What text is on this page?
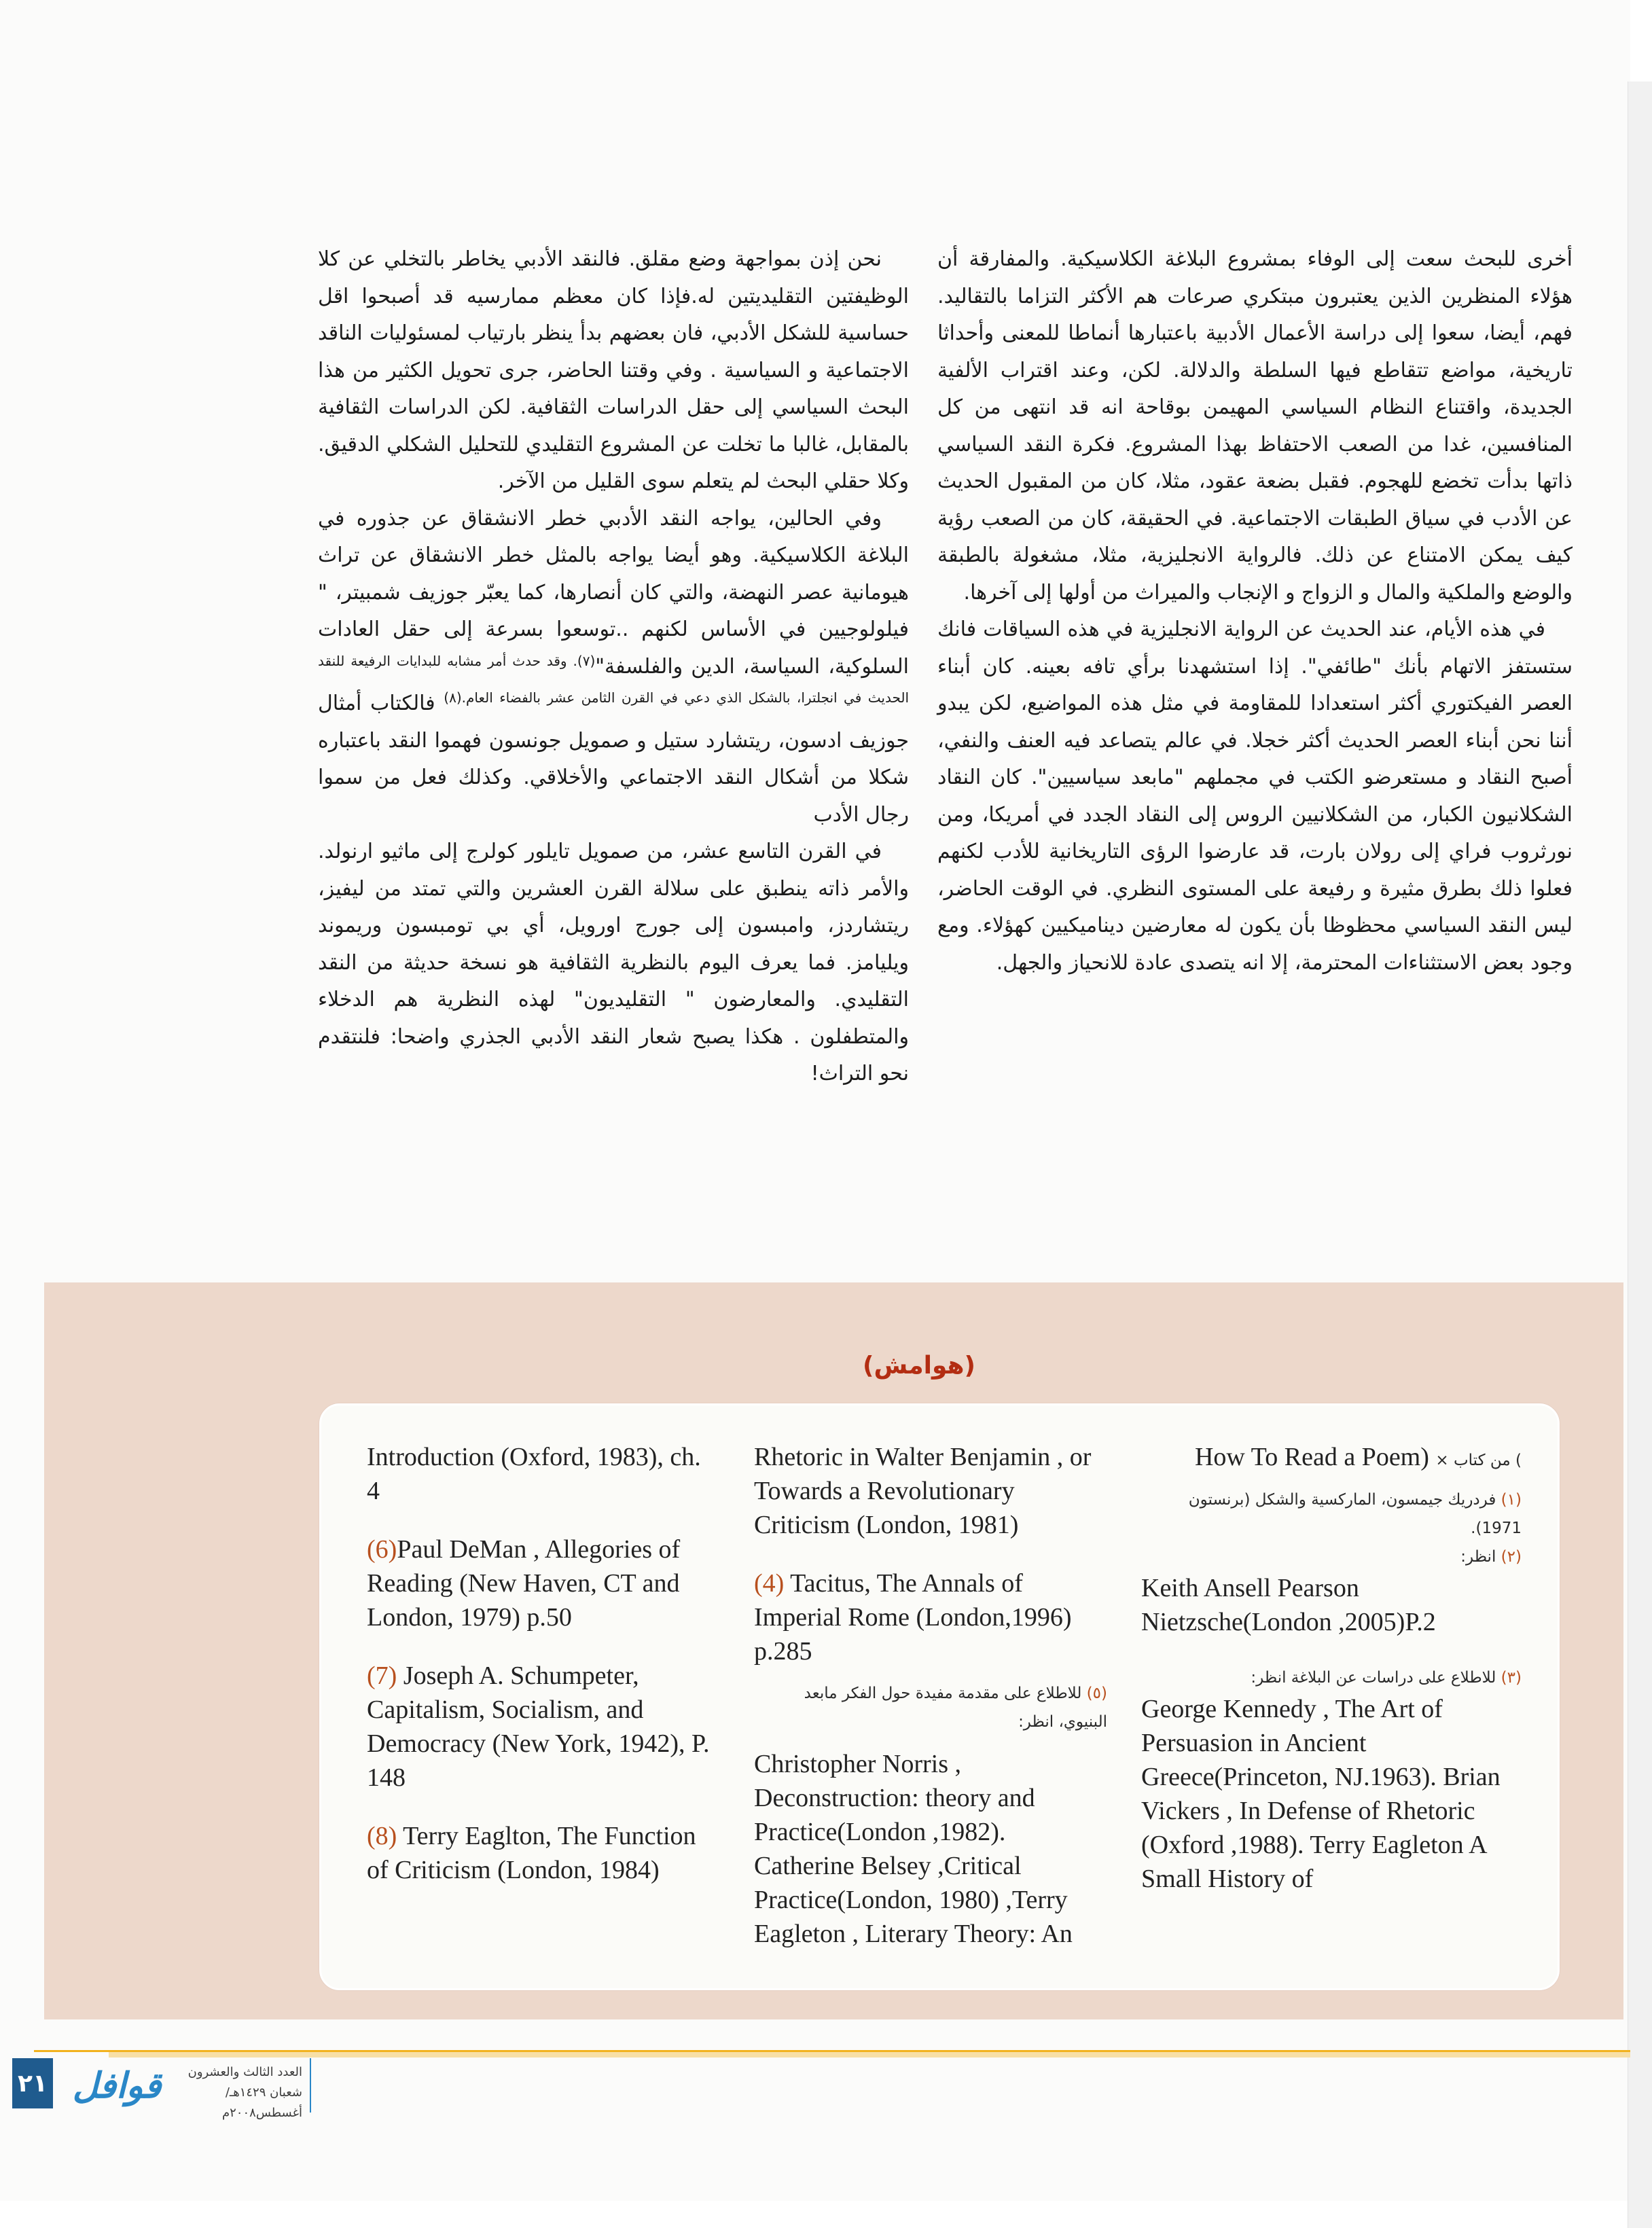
أخرى للبحث سعت إلى الوفاء بمشروع البلاغة الكلاسيكية. والمفارقة أن هؤلاء المنظرين الذين يعتبرون مبتكري صرعات هم الأكثر التزاما بالتقاليد. فهم، أيضا، سعوا إلى دراسة الأعمال الأدبية باعتبارها أنماطا للمعنى وأحداثا تاريخية، مواضع تتقاطع فيها السلطة والدلالة. لكن، وعند اقتراب الألفية الجديدة، واقتناع النظام السياسي المهيمن بوقاحة انه قد انتهى من كل المنافسين، غدا من الصعب الاحتفاظ بهذا المشروع. فكرة النقد السياسي ذاتها بدأت تخضع للهجوم. فقبل بضعة عقود، مثلا، كان من المقبول الحديث عن الأدب في سياق الطبقات الاجتماعية. في الحقيقة، كان من الصعب رؤية كيف يمكن الامتناع عن ذلك. فالرواية الانجليزية، مثلا، مشغولة بالطبقة والوضع والملكية والمال و الزواج و الإنجاب والميراث من أولها إلى آخرها.

في هذه الأيام، عند الحديث عن الرواية الانجليزية في هذه السياقات فانك ستستفز الاتهام بأنك "طائفي". إذا استشهدنا برأي تافه بعينه. كان أبناء العصر الفيكتوري أكثر استعدادا للمقاومة في مثل هذه المواضيع، لكن يبدو أننا نحن أبناء العصر الحديث أكثر خجلا. في عالم يتصاعد فيه العنف والنفي، أصبح النقاد و مستعرضو الكتب في مجملهم "مابعد سياسيين". كان النقاد الشكلانيون الكبار، من الشكلانيين الروس إلى النقاد الجدد في أمريكا، ومن نورثروب فراي إلى رولان بارت، قد عارضوا الرؤى التاريخانية للأدب لكنهم فعلوا ذلك بطرق مثيرة و رفيعة على المستوى النظري. في الوقت الحاضر، ليس النقد السياسي محظوظا بأن يكون له معارضين ديناميكيين كهؤلاء. ومع وجود بعض الاستثناءات المحترمة، إلا انه يتصدى عادة للانحياز والجهل.

نحن إذن بمواجهة وضع مقلق. فالنقد الأدبي يخاطر بالتخلي عن كلا الوظيفتين التقليديتين له.فإذا كان معظم ممارسيه قد أصبحوا اقل حساسية للشكل الأدبي، فان بعضهم بدأ ينظر بارتياب لمسئوليات الناقد الاجتماعية و السياسية . وفي وقتنا الحاضر، جرى تحويل الكثير من هذا البحث السياسي إلى حقل الدراسات الثقافية. لكن الدراسات الثقافية بالمقابل، غالبا ما تخلت عن المشروع التقليدي للتحليل الشكلي الدقيق. وكلا حقلي البحث لم يتعلم سوى القليل من الآخر.

وفي الحالين، يواجه النقد الأدبي خطر الانشقاق عن جذوره في البلاغة الكلاسيكية. وهو أيضا يواجه بالمثل خطر الانشقاق عن تراث هيومانية عصر النهضة، والتي كان أنصارها، كما يعبّر جوزيف شمبيتر، " فيلولوجيين في الأساس لكنهم ..توسعوا بسرعة إلى حقل العادات السلوكية، السياسة، الدين والفلسفة"$^{(٧). وقد حدث أمر مشابه للبدايات الرفيعة للنقد الحديث في انجلترا، بالشكل الذي دعي في القرن الثامن عشر بالفضاء العام.(٨)}$ فالكتاب أمثال جوزيف ادسون، ريتشارد ستيل و صمويل جونسون فهموا النقد باعتباره شكلا من أشكال النقد الاجتماعي والأخلاقي. وكذلك فعل من سموا رجال الأدب

في القرن التاسع عشر، من صمويل تايلور كولرج إلى ماثيو ارنولد. والأمر ذاته ينطبق على سلالة القرن العشرين والتي تمتد من ليفيز، ريتشاردز، وامبسون إلى جورج اورويل، أي بي تومبسون وريموند ويليامز. فما يعرف اليوم بالنظرية الثقافية هو نسخة حديثة من النقد التقليدي. والمعارضون " التقليديون" لهذه النظرية هم الدخلاء والمتطفلون . هكذا يصبح شعار النقد الأدبي الجذري واضحا: فلنتقدم نحو التراث!

(هوامش)

Introduction (Oxford, 1983), ch. 4

(6)Paul DeMan , Allegories of Reading (New Haven, CT and London, 1979) p.50

(7) Joseph A. Schumpeter, Capitalism, Socialism, and Democracy (New York, 1942), P. 148

(8) Terry Eaglton, The Function of Criticism (London, 1984)

Rhetoric in Walter Benjamin , or Towards a Revolutionary Criticism (London, 1981)

(4) Tacitus, The Annals of Imperial Rome (London,1996) p.285

(٥) للاطلاع على مقدمة مفيدة حول الفكر مابعد البنيوي، انظر:

Christopher Norris , Deconstruction: theory and Practice(London ,1982). Catherine Belsey ,Critical Practice(London, 1980) ,Terry Eagleton , Literary Theory: An

How To Read a Poem) × من كتاب (

(١) فردريك جيمسون، الماركسية والشكل (برنستون 1971).

(٢) انظر:

Keith Ansell Pearson Nietzsche(London ,2005)P.2

(٣) للاطلاع على دراسات عن البلاغة انظر:

George Kennedy , The Art of Persuasion in Ancient Greece(Princeton, NJ.1963). Brian Vickers , In Defense of Rhetoric (Oxford ,1988). Terry Eagleton A Small History of

٢١ قوافل	العدد الثالث والعشرون
شعبان ١٤٢٩هـ/ أغسطس٢٠٠٨م
